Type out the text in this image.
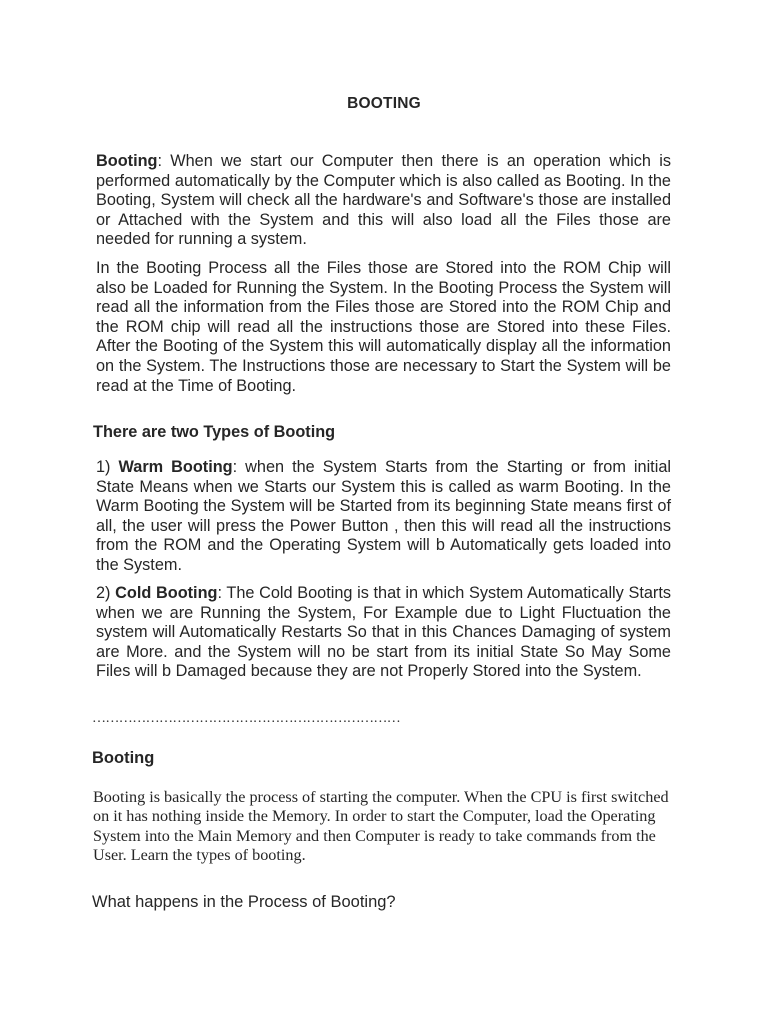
BOOTING

Booting: When we start our Computer then there is an operation which is performed automatically by the Computer which is also called as Booting. In the Booting, System will check all the hardware's and Software's those are installed or Attached with the System and this will also load all the Files those are needed for running a system.

In the Booting Process all the Files those are Stored into the ROM Chip will also be Loaded for Running the System. In the Booting Process the System will read all the information from the Files those are Stored into the ROM Chip and the ROM chip will read all the instructions those are Stored into these Files. After the Booting of the System this will automatically display all the information on the System. The Instructions those are necessary to Start the System will be read at the Time of Booting.

There are two Types of Booting

1) Warm Booting: when the System Starts from the Starting or from initial State Means when we Starts our System this is called as warm Booting. In the Warm Booting the System will be Started from its beginning State means first of all, the user will press the Power Button , then this will read all the instructions from the ROM and the Operating System will b Automatically gets loaded into the System.

2) Cold Booting: The Cold Booting is that in which System Automatically Starts when we are Running the System, For Example due to Light Fluctuation the system will Automatically Restarts So that in this Chances Damaging of system are More. and the System will no be start from its initial State So May Some Files will b Damaged because they are not Properly Stored into the System.

……………………………………………………………

Booting

Booting is basically the process of starting the computer. When the CPU is first switched on it has nothing inside the Memory. In order to start the Computer, load the Operating System into the Main Memory and then Computer is ready to take commands from the User. Learn the types of booting.

What happens in the Process of Booting?
